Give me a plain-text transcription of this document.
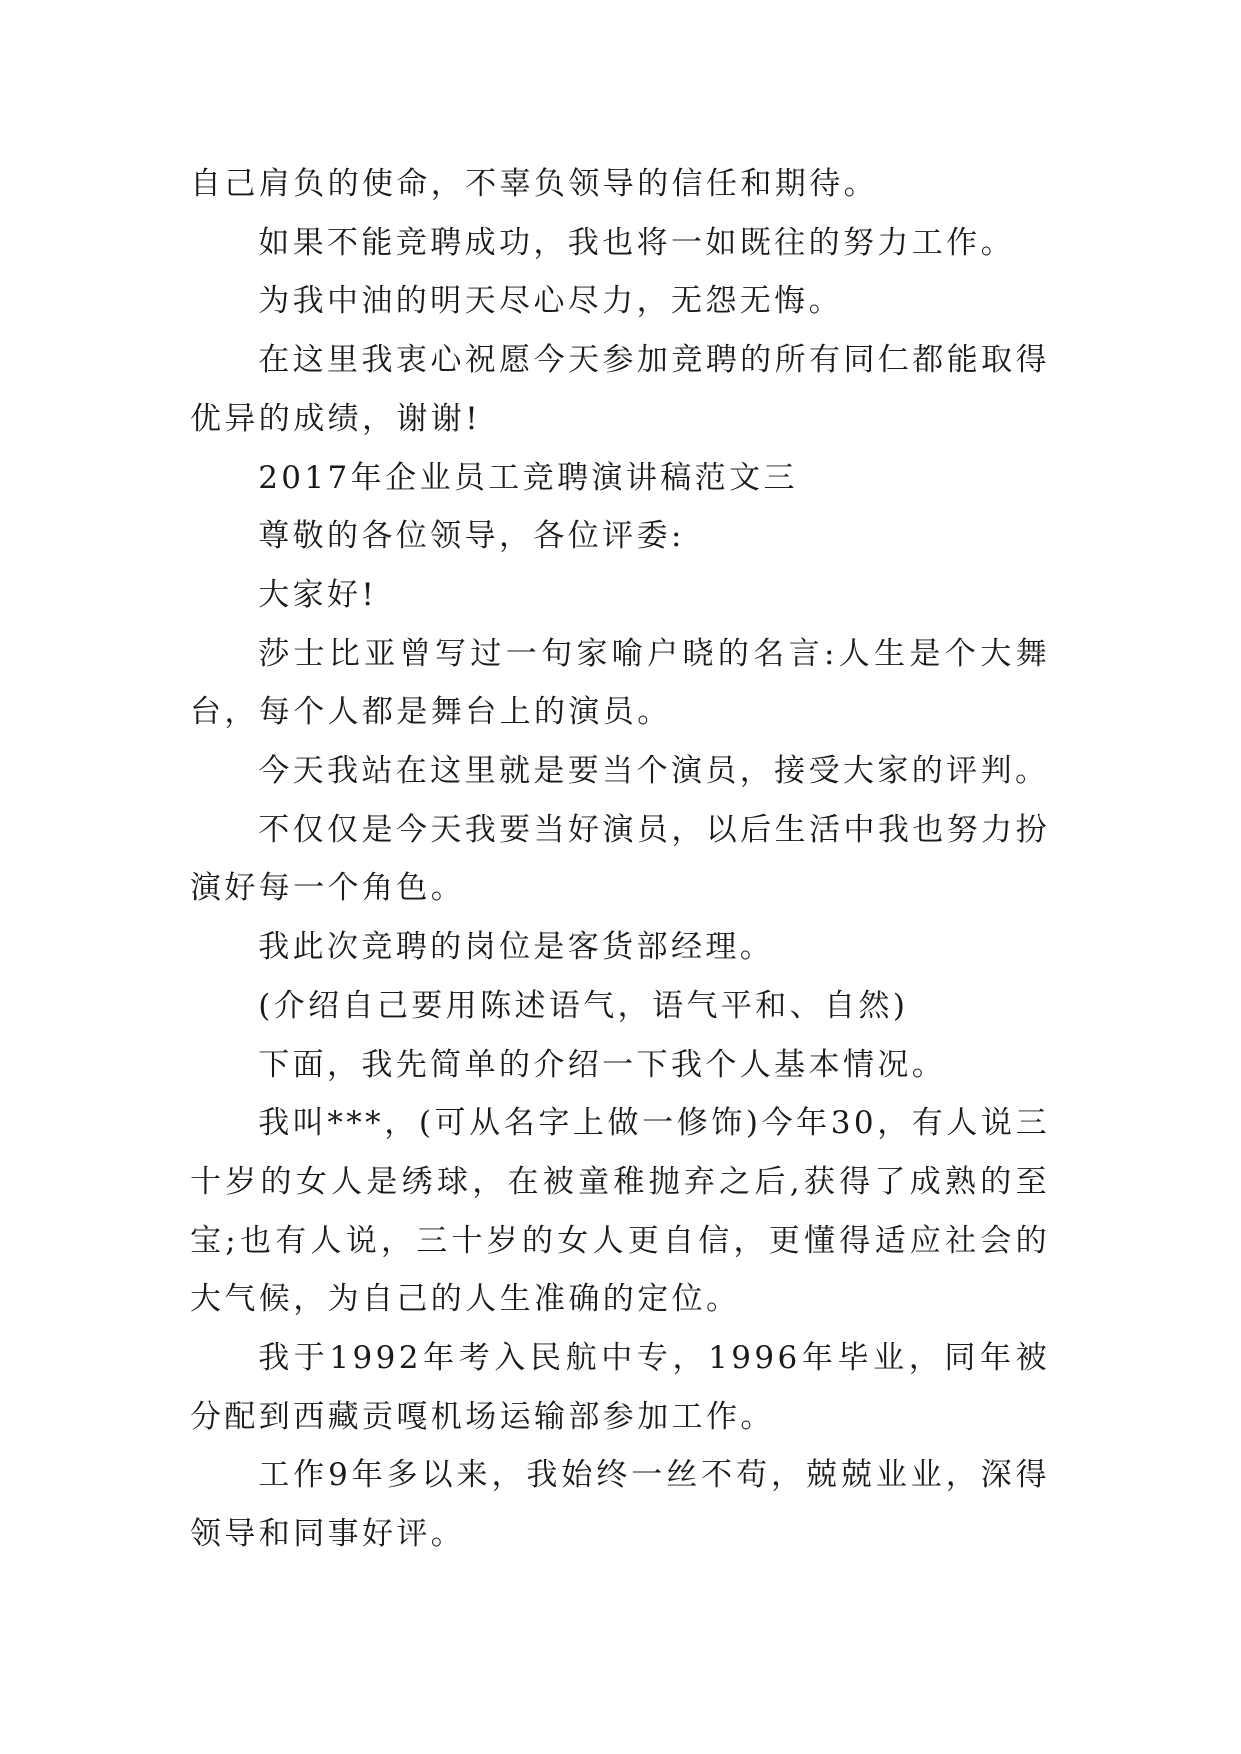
自己肩负的使命，不辜负领导的信任和期待。

如果不能竞聘成功，我也将一如既往的努力工作。

为我中油的明天尽心尽力，无怨无悔。

在这里我衷心祝愿今天参加竞聘的所有同仁都能取得优异的成绩，谢谢!

2017年企业员工竞聘演讲稿范文三

尊敬的各位领导，各位评委:

大家好!

莎士比亚曾写过一句家喻户晓的名言:人生是个大舞台，每个人都是舞台上的演员。

今天我站在这里就是要当个演员，接受大家的评判。

不仅仅是今天我要当好演员，以后生活中我也努力扮演好每一个角色。

我此次竞聘的岗位是客货部经理。

(介绍自己要用陈述语气，语气平和、自然)

下面，我先简单的介绍一下我个人基本情况。

我叫***，(可从名字上做一修饰)今年30，有人说三十岁的女人是绣球，在被童稚抛弃之后,获得了成熟的至宝;也有人说，三十岁的女人更自信，更懂得适应社会的大气候，为自己的人生准确的定位。

我于1992年考入民航中专，1996年毕业，同年被分配到西藏贡嘎机场运输部参加工作。

工作9年多以来，我始终一丝不苟，兢兢业业，深得领导和同事好评。
